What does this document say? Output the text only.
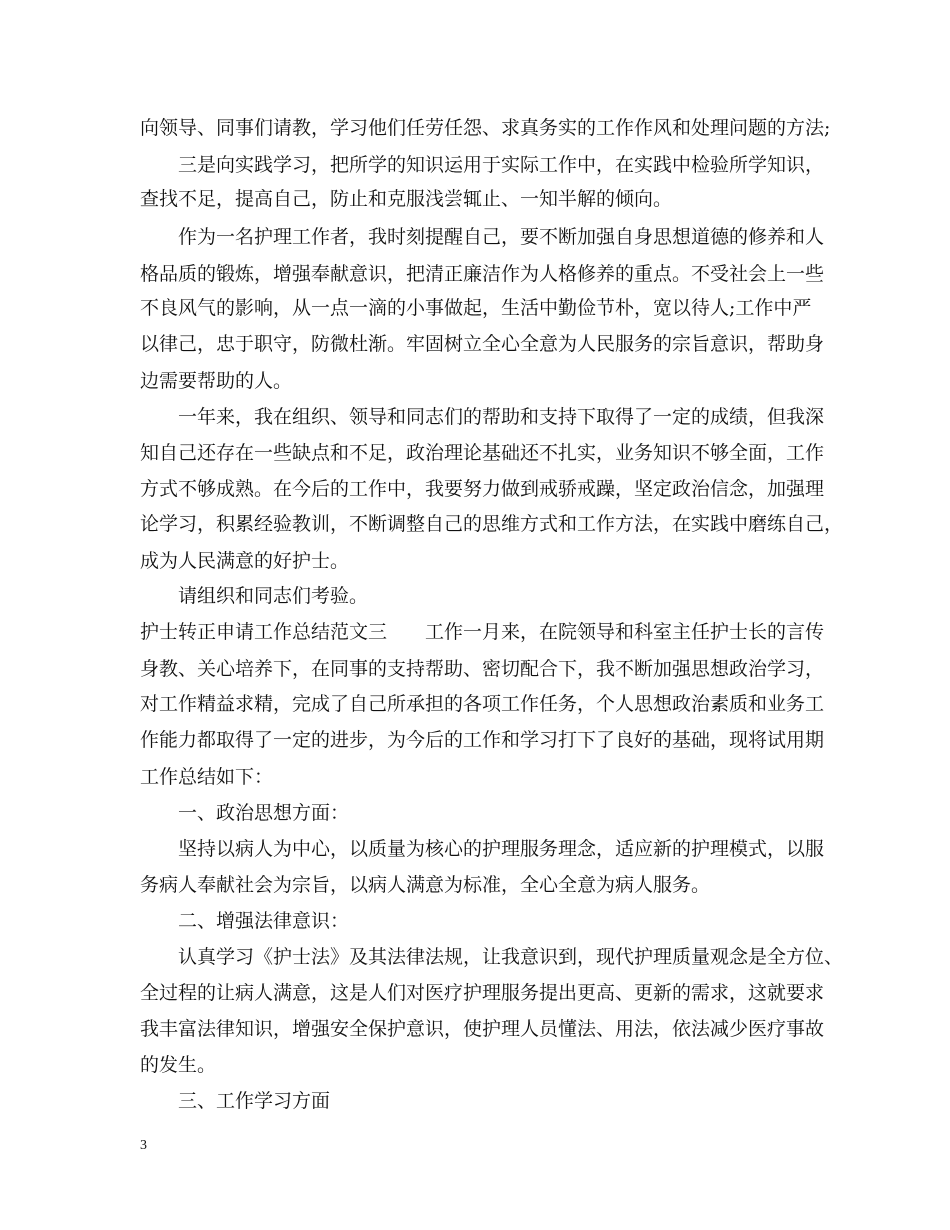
向领导、同事们请教，学习他们任劳任怨、求真务实的工作作风和处理问题的方法;
三是向实践学习，把所学的知识运用于实际工作中，在实践中检验所学知识，
查找不足，提高自己，防止和克服浅尝辄止、一知半解的倾向。
作为一名护理工作者，我时刻提醒自己，要不断加强自身思想道德的修养和人
格品质的锻炼，增强奉献意识，把清正廉洁作为人格修养的重点。不受社会上一些
不良风气的影响，从一点一滴的小事做起，生活中勤俭节朴，宽以待人;工作中严
以律己，忠于职守，防微杜渐。牢固树立全心全意为人民服务的宗旨意识，帮助身
边需要帮助的人。
一年来，我在组织、领导和同志们的帮助和支持下取得了一定的成绩，但我深
知自己还存在一些缺点和不足，政治理论基础还不扎实，业务知识不够全面，工作
方式不够成熟。在今后的工作中，我要努力做到戒骄戒躁，坚定政治信念，加强理
论学习，积累经验教训，不断调整自己的思维方式和工作方法，在实践中磨练自己，
成为人民满意的好护士。
请组织和同志们考验。
护士转正申请工作总结范文三　　工作一月来，在院领导和科室主任护士长的言传
身教、关心培养下，在同事的支持帮助、密切配合下，我不断加强思想政治学习，
对工作精益求精，完成了自己所承担的各项工作任务，个人思想政治素质和业务工
作能力都取得了一定的进步，为今后的工作和学习打下了良好的基础，现将试用期
工作总结如下：
一、政治思想方面：
坚持以病人为中心，以质量为核心的护理服务理念，适应新的护理模式，以服
务病人奉献社会为宗旨，以病人满意为标准，全心全意为病人服务。
二、增强法律意识：
认真学习《护士法》及其法律法规，让我意识到，现代护理质量观念是全方位、
全过程的让病人满意，这是人们对医疗护理服务提出更高、更新的需求，这就要求
我丰富法律知识，增强安全保护意识，使护理人员懂法、用法，依法减少医疗事故
的发生。
三、工作学习方面
3
